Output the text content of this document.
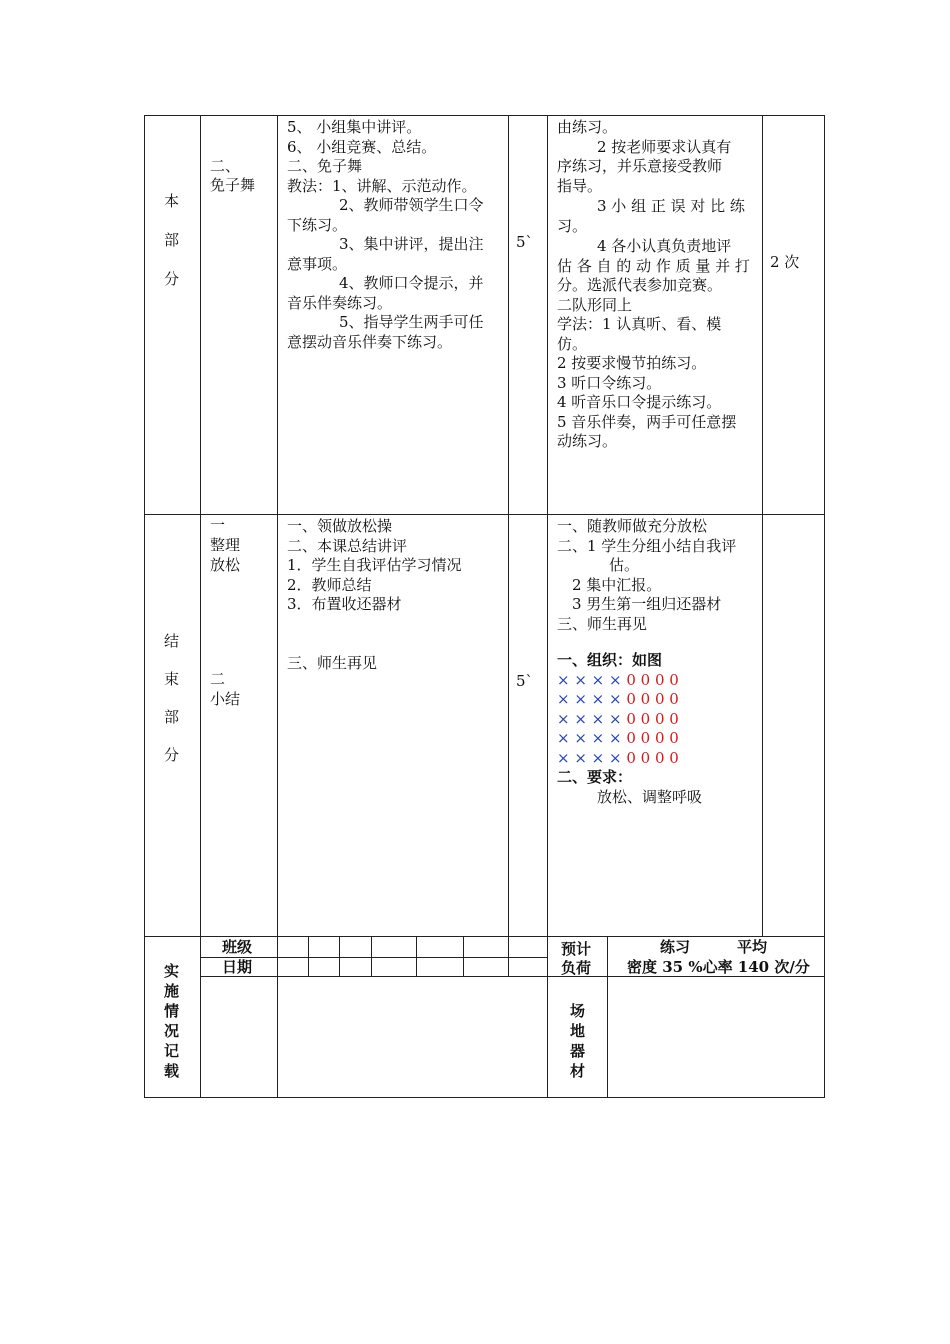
本
部
分
二、
免子舞
5、 小组集中讲评。
6、 小组竞赛、总结。
二、免子舞
教法：1、讲解、示范动作。
2、教师带领学生口令
下练习。
3、集中讲评，提出注
意事项。
4、教师口令提示，并
音乐伴奏练习。
5、指导学生两手可任
意摆动音乐伴奏下练习。
5`
由练习。
2 按老师要求认真有
序练习，并乐意接受教师
指导。
3 小 组 正 误 对 比 练
习。
4 各小认真负责地评
估 各 自 的 动 作 质 量 并 打
分。选派代表参加竞赛。
二队形同上
学法：1 认真听、看、模
仿。
2 按要求慢节拍练习。
3 听口令练习。
4 听音乐口令提示练习。
5 音乐伴奏，两手可任意摆
动练习。
2 次
结
束
部
分
一
整理
放松
二
小结
一、领做放松操
二、本课总结讲评
1．学生自我评估学习情况
2．教师总结
3．布置收还器材
三、师生再见
5`
一、随教师做充分放松
二、1 学生分组小结自我评
估。
2 集中汇报。
3 男生第一组归还器材
三、师生再见
一、组织：如图
× × × × 0 0 0 0
× × × × 0 0 0 0
× × × × 0 0 0 0
× × × × 0 0 0 0
× × × × 0 0 0 0
二、要求：
放松、调整呼吸
实
施
情
况
记
载
班级
日期
预计
负荷
练习	平均
密度 35 %心率 140 次/分
场
地
器
材
